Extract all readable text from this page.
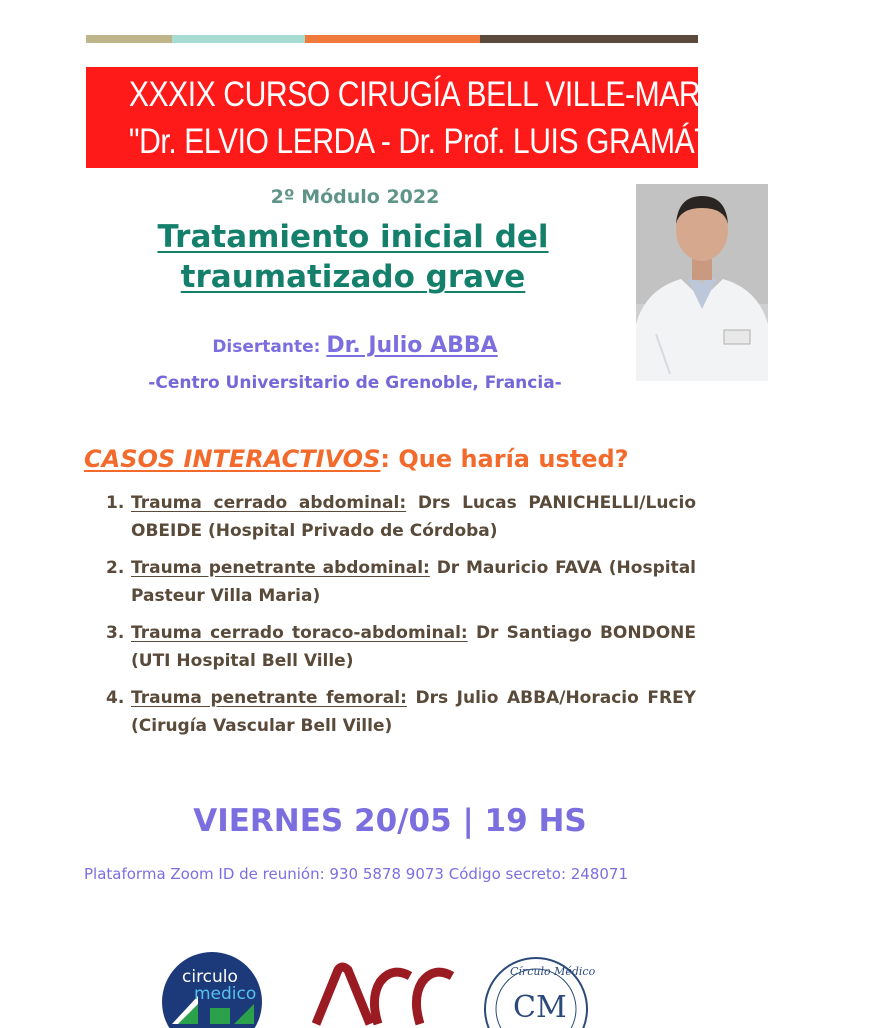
XXXIX CURSO CIRUGÍA BELL VILLE-MARCOS JUÁREZ
"Dr. ELVIO LERDA - Dr. Prof. LUIS GRAMÁTICA
2º Módulo 2022
Tratamiento inicial del
traumatizado grave
Disertante: Dr. Julio ABBA
-Centro Universitario de Grenoble, Francia-
CASOS INTERACTIVOS: Que haría usted?
1. Trauma cerrado abdominal: Drs Lucas PANICHELLI/Lucio OBEIDE (Hospital Privado de Córdoba)
2. Trauma penetrante abdominal: Dr Mauricio FAVA (Hospital Pasteur Villa Maria)
3. Trauma cerrado toraco-abdominal: Dr Santiago BONDONE (UTI Hospital Bell Ville)
4. Trauma penetrante femoral: Drs Julio ABBA/Horacio FREY (Cirugía Vascular Bell Ville)
VIERNES 20/05 | 19 HS
Plataforma Zoom ID de reunión: 930 5878 9073 Código secreto: 248071
circulo
medico
Círculo Médico
CM
